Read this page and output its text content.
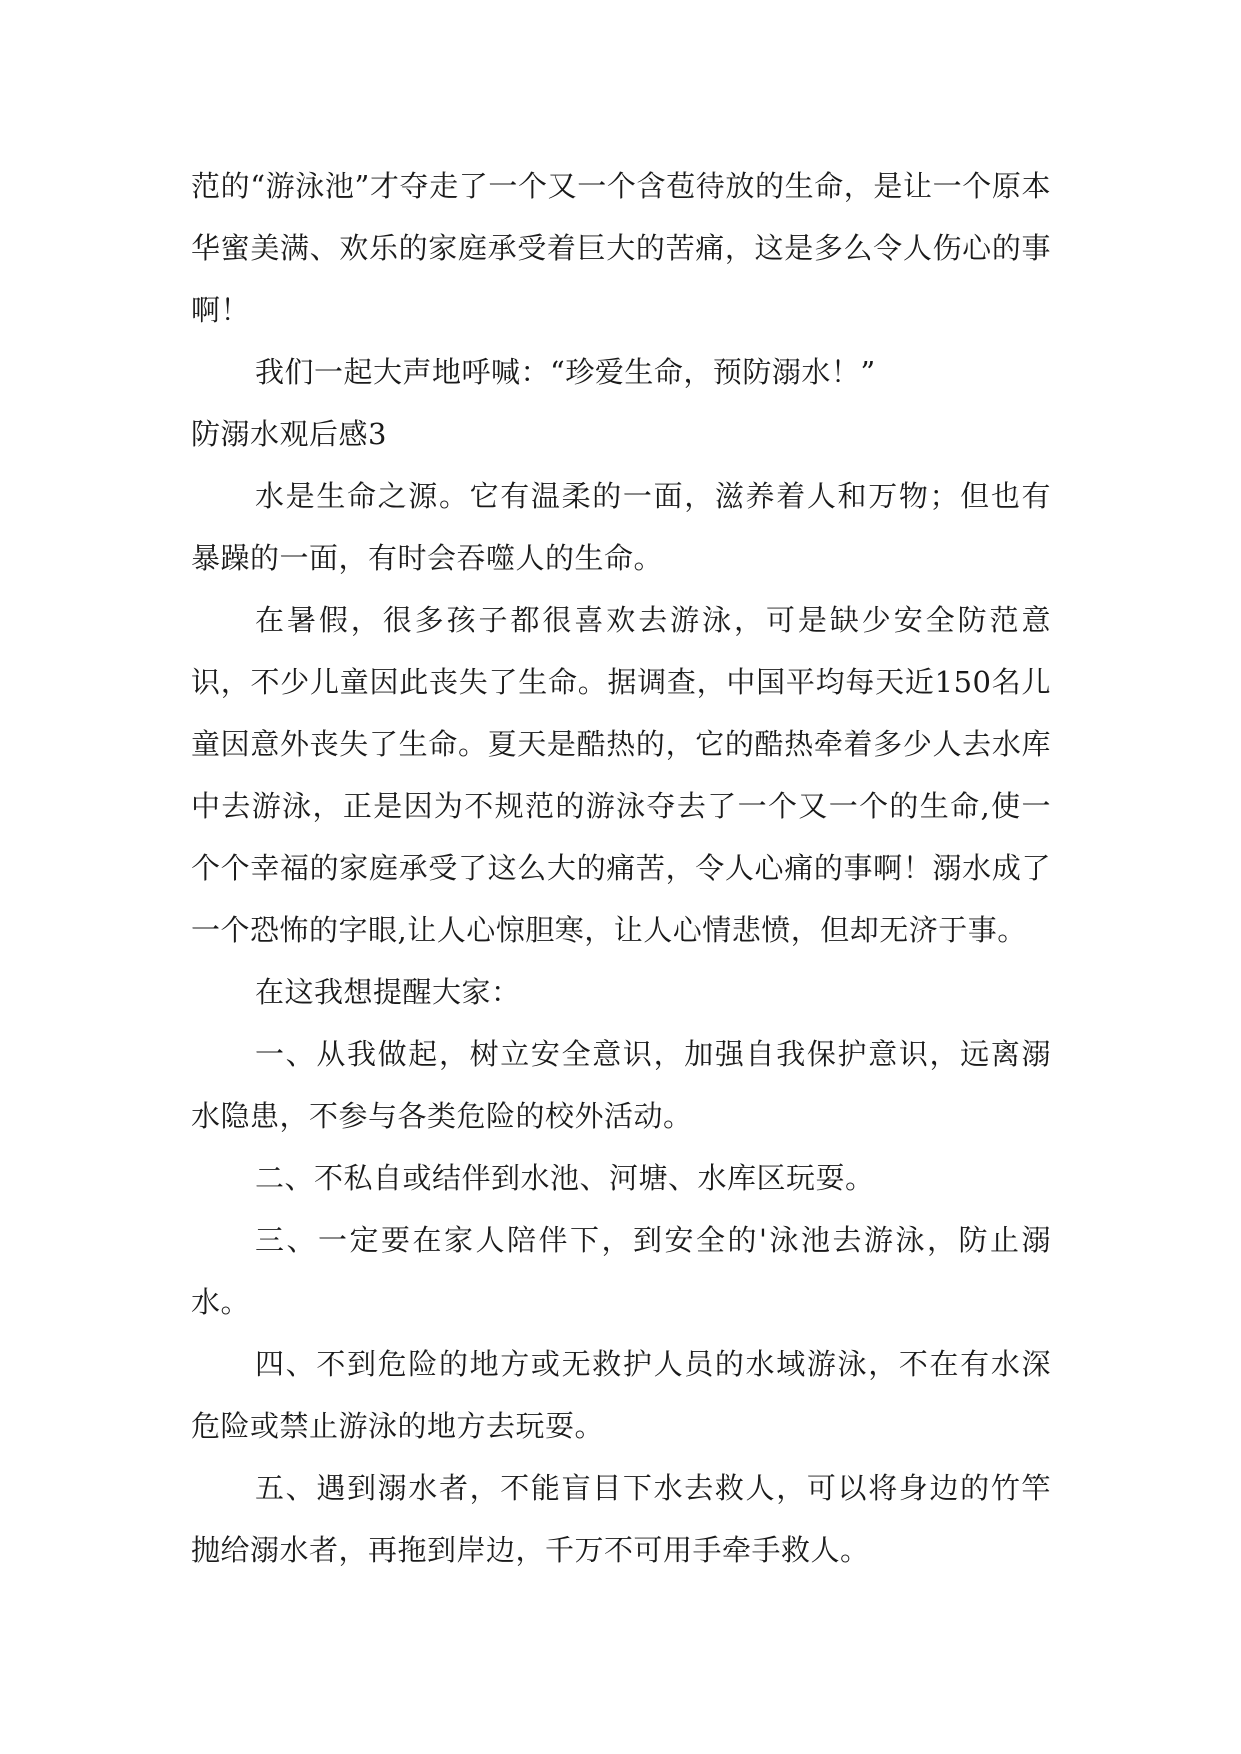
范的“游泳池”才夺走了一个又一个含苞待放的生命，是让一个原本华蜜美满、欢乐的家庭承受着巨大的苦痛，这是多么令人伤心的事啊！

我们一起大声地呼喊：“珍爱生命，预防溺水！”

防溺水观后感3

水是生命之源。它有温柔的一面，滋养着人和万物；但也有暴躁的一面，有时会吞噬人的生命。

在暑假，很多孩子都很喜欢去游泳，可是缺少安全防范意识，不少儿童因此丧失了生命。据调查，中国平均每天近150名儿童因意外丧失了生命。夏天是酷热的，它的酷热牵着多少人去水库中去游泳，正是因为不规范的游泳夺去了一个又一个的生命,使一个个幸福的家庭承受了这么大的痛苦，令人心痛的事啊！溺水成了一个恐怖的字眼,让人心惊胆寒，让人心情悲愤，但却无济于事。

在这我想提醒大家：

一、从我做起，树立安全意识，加强自我保护意识，远离溺水隐患，不参与各类危险的校外活动。

二、不私自或结伴到水池、河塘、水库区玩耍。

三、一定要在家人陪伴下，到安全的'泳池去游泳，防止溺水。

四、不到危险的地方或无救护人员的水域游泳，不在有水深危险或禁止游泳的地方去玩耍。

五、遇到溺水者，不能盲目下水去救人，可以将身边的竹竿抛给溺水者，再拖到岸边，千万不可用手牵手救人。
